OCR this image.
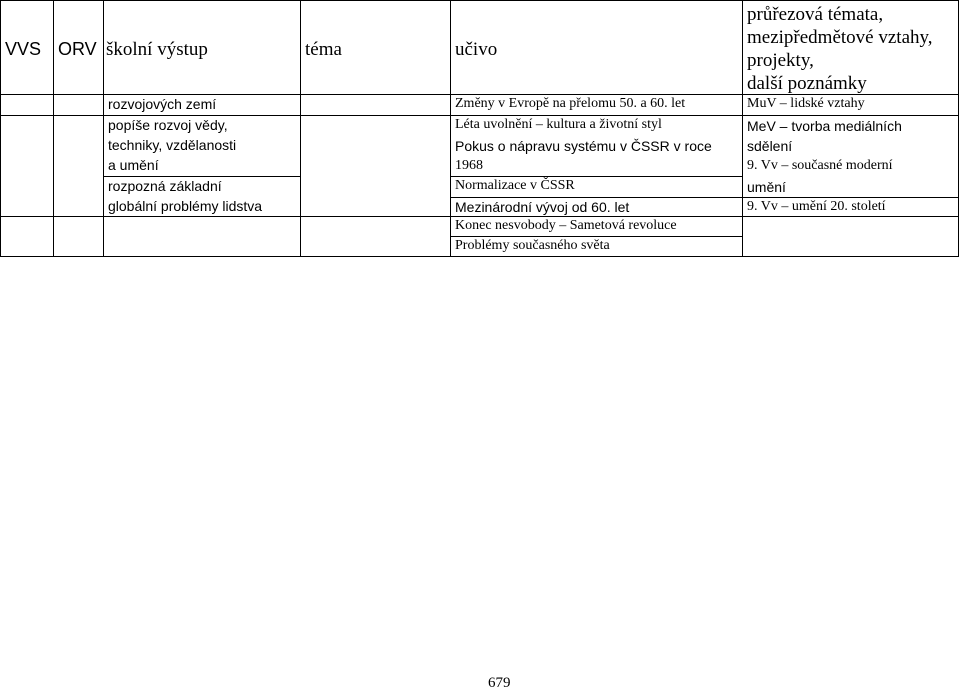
VVS ORV školní výstup	téma	učivo
průřezová témata,
mezipředmětové vztahy,
projekty,
další poznámky
rozvojových zemí
popíše rozvoj vědy,
techniky, vzdělanosti
a umění
rozpozná základní
globální problémy lidstva
Změny v Evropě na přelomu 50. a 60. let
Léta uvolnění – kultura a životní styl
Pokus o nápravu systému v ČSSR v roce
1968
Normalizace v ČSSR
Mezinárodní vývoj od 60. let
Konec nesvobody – Sametová revoluce
Problémy současného světa
MuV – lidské vztahy
MeV – tvorba mediálních
sdělení
9. Vv – současné moderní
umění
9. Vv – umění 20. století
679
